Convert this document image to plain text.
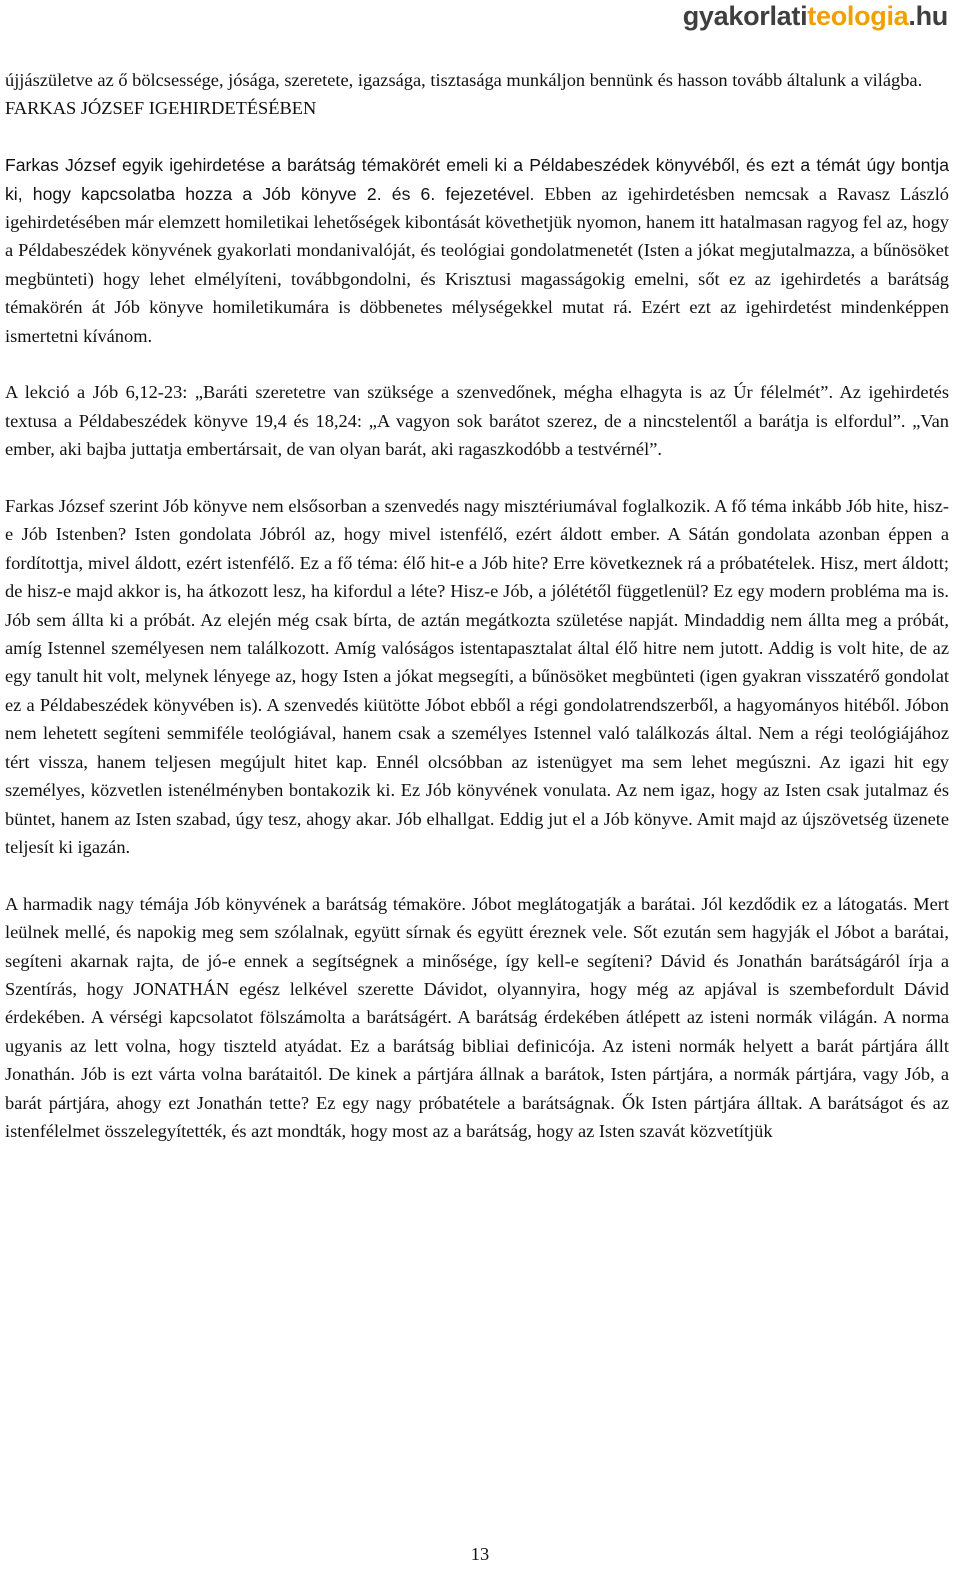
gyakorlatiteologia.hu

újjászületve az ő bölcsessége, jósága, szeretete, igazsága, tisztasága munkáljon bennünk és hasson tovább általunk a világba.

FARKAS JÓZSEF IGEHIRDETÉSÉBEN

Farkas József egyik igehirdetése a barátság témakörét emeli ki a Példabeszédek könyvéből, és ezt a témát úgy bontja ki, hogy kapcsolatba hozza a Jób könyve 2. és 6. fejezetével. Ebben az igehirdetésben nemcsak a Ravasz László igehirdetésében már elemzett homiletikai lehetőségek kibontását követhetjük nyomon, hanem itt hatalmasan ragyog fel az, hogy a Példabeszédek könyvének gyakorlati mondanivalóját, és teológiai gondolatmenetét (Isten a jókat megjutalmazza, a bűnösöket megbünteti) hogy lehet elmélyíteni, továbbgondolni, és Krisztusi magasságokig emelni, sőt ez az igehirdetés a barátság témakörén át Jób könyve homiletikumára is döbbenetes mélységekkel mutat rá. Ezért ezt az igehirdetést mindenképpen ismertetni kívánom.

A lekció a Jób 6,12-23: „Baráti szeretetre van szüksége a szenvedőnek, mégha elhagyta is az Úr félelmét”. Az igehirdetés textusa a Példabeszédek könyve 19,4 és 18,24: „A vagyon sok barátot szerez, de a nincstelentől a barátja is elfordul”. „Van ember, aki bajba juttatja embertársait, de van olyan barát, aki ragaszkodóbb a testvérnél”.

Farkas József szerint Jób könyve nem elsősorban a szenvedés nagy misztériumával foglalkozik. A fő téma inkább Jób hite, hisz-e Jób Istenben? Isten gondolata Jóbról az, hogy mivel istenfélő, ezért áldott ember. A Sátán gondolata azonban éppen a fordítottja, mivel áldott, ezért istenfélő. Ez a fő téma: élő hit-e a Jób hite? Erre következnek rá a próbatételek. Hisz, mert áldott; de hisz-e majd akkor is, ha átkozott lesz, ha kifordul a léte? Hisz-e Jób, a jólététől függetlenül? Ez egy modern probléma ma is. Jób sem állta ki a próbát. Az elején még csak bírta, de aztán megátkozta születése napját. Mindaddig nem állta meg a próbát, amíg Istennel személyesen nem találkozott. Amíg valóságos istentapasztalat által élő hitre nem jutott. Addig is volt hite, de az egy tanult hit volt, melynek lényege az, hogy Isten a jókat megsegíti, a bűnösöket megbünteti (igen gyakran visszatérő gondolat ez a Példabeszédek könyvében is). A szenvedés kiütötte Jóbot ebből a régi gondolatrendszerből, a hagyományos hitéből. Jóbon nem lehetett segíteni semmiféle teológiával, hanem csak a személyes Istennel való találkozás által. Nem a régi teológiájához tért vissza, hanem teljesen megújult hitet kap. Ennél olcsóbban az istenügyet ma sem lehet megúszni. Az igazi hit egy személyes, közvetlen istenélményben bontakozik ki. Ez Jób könyvének vonulata. Az nem igaz, hogy az Isten csak jutalmaz és büntet, hanem az Isten szabad, úgy tesz, ahogy akar. Jób elhallgat. Eddig jut el a Jób könyve. Amit majd az újszövetség üzenete teljesít ki igazán.

A harmadik nagy témája Jób könyvének a barátság témaköre. Jóbot meglátogatják a barátai. Jól kezdődik ez a látogatás. Mert leülnek mellé, és napokig meg sem szólalnak, együtt sírnak és együtt éreznek vele. Sőt ezután sem hagyják el Jóbot a barátai, segíteni akarnak rajta, de jó-e ennek a segítségnek a minősége, így kell-e segíteni? Dávid és Jonathán barátságáról írja a Szentírás, hogy JONATHÁN egész lelkével szerette Dávidot, olyannyira, hogy még az apjával is szembefordult Dávid érdekében. A vérségi kapcsolatot fölszámolta a barátságért. A barátság érdekében átlépett az isteni normák világán. A norma ugyanis az lett volna, hogy tiszteld atyádat. Ez a barátság bibliai definicója. Az isteni normák helyett a barát pártjára állt Jonathán. Jób is ezt várta volna barátaitól. De kinek a pártjára állnak a barátok, Isten pártjára, a normák pártjára, vagy Jób, a barát pártjára, ahogy ezt Jonathán tette? Ez egy nagy próbatétele a barátságnak. Ők Isten pártjára álltak. A barátságot és az istenfélelmet összelegyítették, és azt mondták, hogy most az a barátság, hogy az Isten szavát közvetítjük

13
